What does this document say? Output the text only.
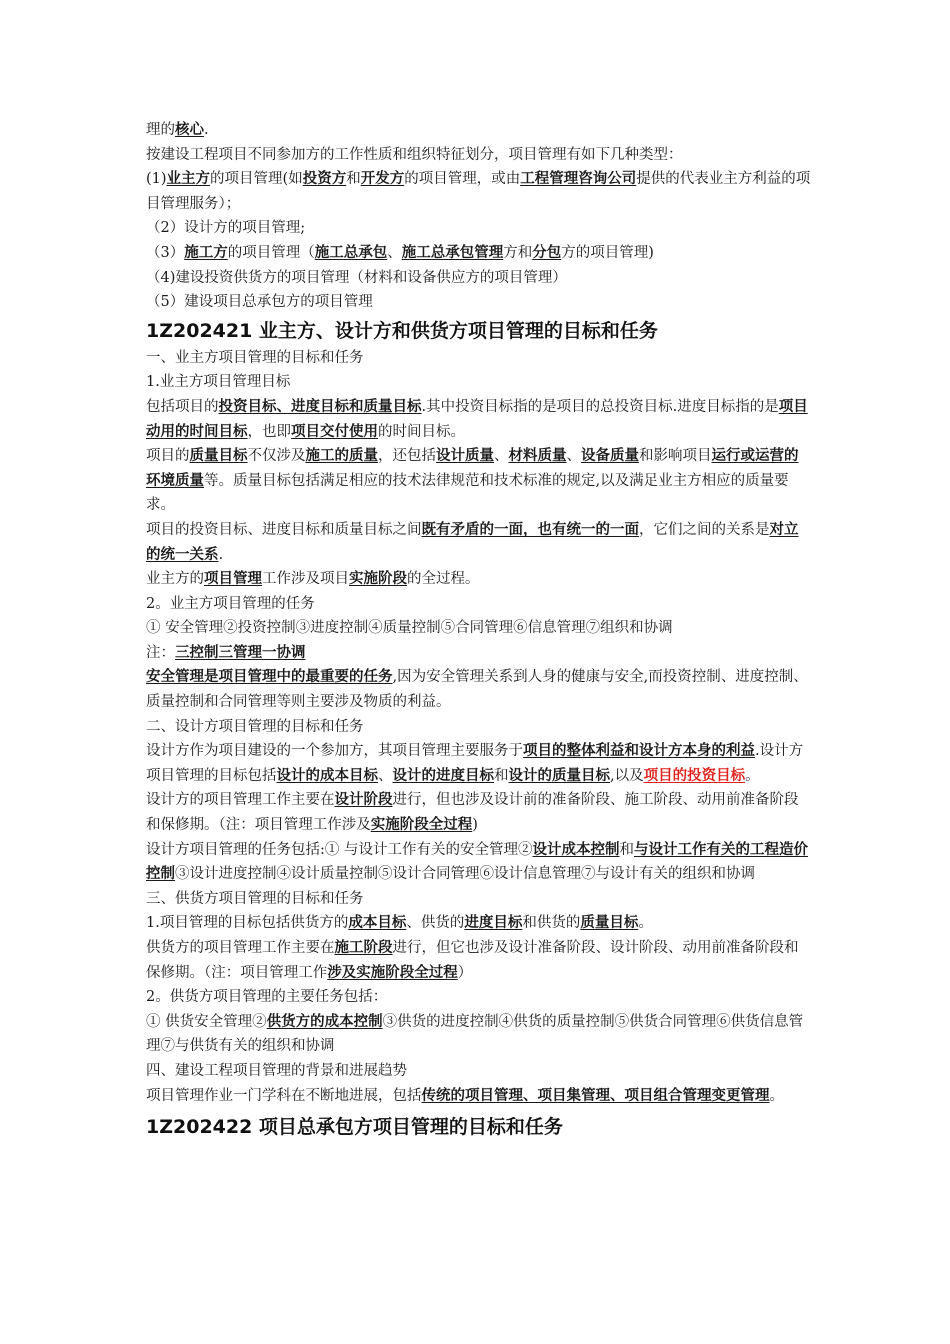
理的核心.
按建设工程项目不同参加方的工作性质和组织特征划分，项目管理有如下几种类型：
(1)业主方的项目管理(如投资方和开发方的项目管理，或由工程管理咨询公司提供的代表业主方利益的项目管理服务）；
（2）设计方的项目管理;
（3）施工方的项目管理（施工总承包、施工总承包管理方和分包方的项目管理)
（4)建设投资供货方的项目管理（材料和设备供应方的项目管理）
（5）建设项目总承包方的项目管理
1Z202421 业主方、设计方和供货方项目管理的目标和任务
一、业主方项目管理的目标和任务
1.业主方项目管理目标
包括项目的投资目标、进度目标和质量目标.其中投资目标指的是项目的总投资目标.进度目标指的是项目动用的时间目标，也即项目交付使用的时间目标。
项目的质量目标不仅涉及施工的质量，还包括设计质量、材料质量、设备质量和影响项目运行或运营的环境质量等。质量目标包括满足相应的技术法律规范和技术标准的规定,以及满足业主方相应的质量要求。
项目的投资目标、进度目标和质量目标之间既有矛盾的一面，也有统一的一面，它们之间的关系是对立的统一关系.
业主方的项目管理工作涉及项目实施阶段的全过程。
2。业主方项目管理的任务
① 安全管理②投资控制③进度控制④质量控制⑤合同管理⑥信息管理⑦组织和协调
注：三控制三管理一协调
安全管理是项目管理中的最重要的任务,因为安全管理关系到人身的健康与安全,而投资控制、进度控制、质量控制和合同管理等则主要涉及物质的利益。
二、设计方项目管理的目标和任务
设计方作为项目建设的一个参加方，其项目管理主要服务于项目的整体利益和设计方本身的利益.设计方项目管理的目标包括设计的成本目标、设计的进度目标和设计的质量目标,以及项目的投资目标。
设计方的项目管理工作主要在设计阶段进行，但也涉及设计前的准备阶段、施工阶段、动用前准备阶段和保修期。（注：项目管理工作涉及实施阶段全过程)
设计方项目管理的任务包括:① 与设计工作有关的安全管理②设计成本控制和与设计工作有关的工程造价控制③设计进度控制④设计质量控制⑤设计合同管理⑥设计信息管理⑦与设计有关的组织和协调
三、供货方项目管理的目标和任务
1.项目管理的目标包括供货方的成本目标、供货的进度目标和供货的质量目标。
供货方的项目管理工作主要在施工阶段进行，但它也涉及设计准备阶段、设计阶段、动用前准备阶段和保修期。（注：项目管理工作涉及实施阶段全过程）
2。供货方项目管理的主要任务包括：
① 供货安全管理②供货方的成本控制③供货的进度控制④供货的质量控制⑤供货合同管理⑥供货信息管理⑦与供货有关的组织和协调
四、建设工程项目管理的背景和进展趋势
项目管理作业一门学科在不断地进展，包括传统的项目管理、项目集管理、项目组合管理变更管理。
1Z202422 项目总承包方项目管理的目标和任务
